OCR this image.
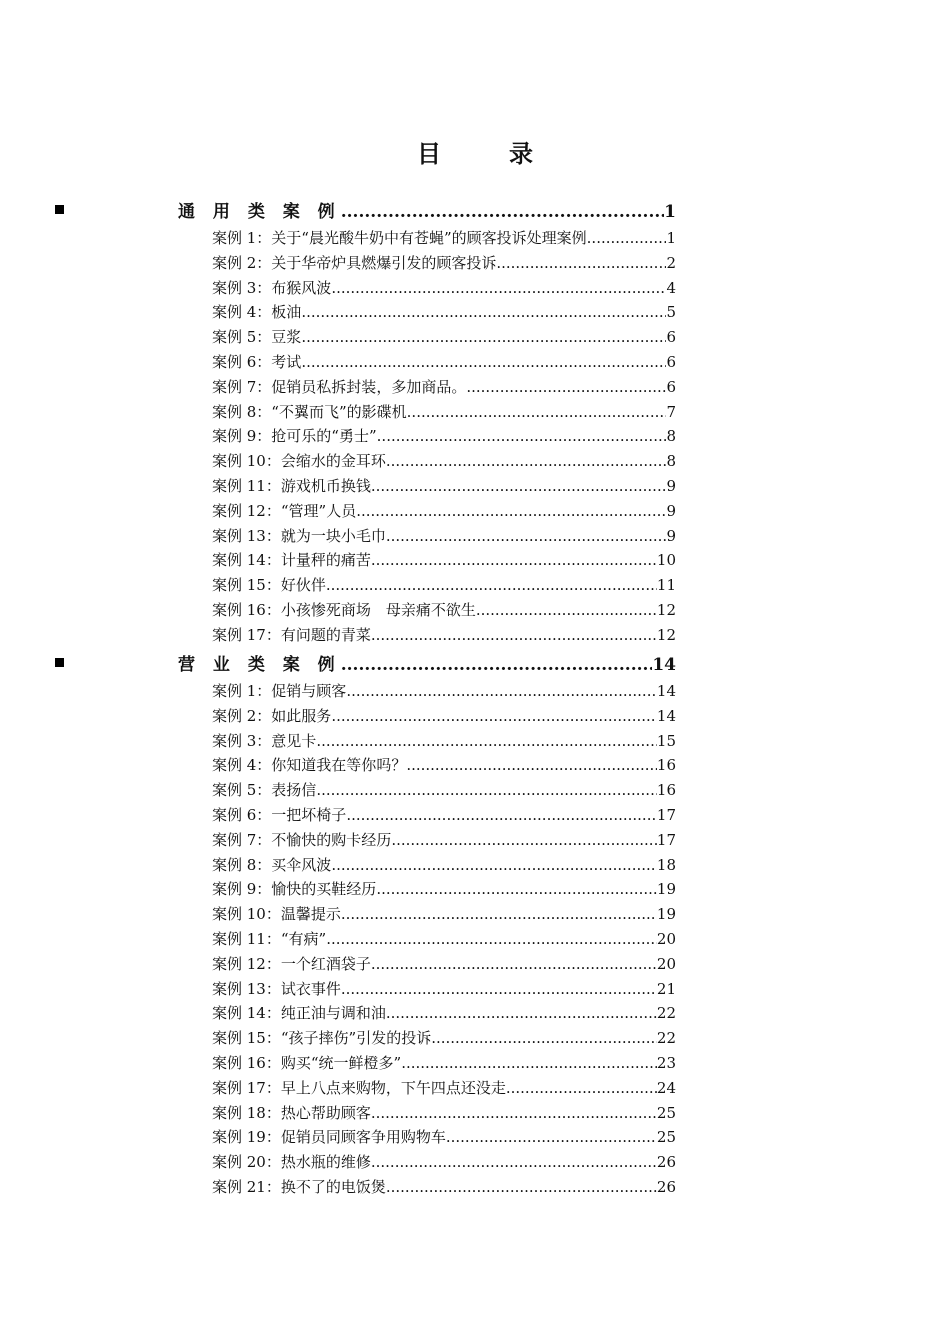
目　录
通 用 类 案 例 .....	1
案例 1：关于“晨光酸牛奶中有苍蝇”的顾客投诉处理案例 .....	1
案例 2：关于华帝炉具燃爆引发的顾客投诉 .....	2
案例 3：布猴风波 .....	4
案例 4：板油 .....	5
案例 5：豆浆 .....	6
案例 6：考试 .....	6
案例 7：促销员私拆封装，多加商品。 .....	6
案例 8：“不翼而飞”的影碟机 .....	7
案例 9：抢可乐的“勇士” .....	8
案例 10：会缩水的金耳环 .....	8
案例 11：游戏机币换钱 .....	9
案例 12：“管理”人员 .....	9
案例 13：就为一块小毛巾 .....	9
案例 14：计量秤的痛苦 .....	10
案例 15：好伙伴 .....	11
案例 16：小孩惨死商场　母亲痛不欲生 .....	12
案例 17：有问题的青菜 .....	12
营 业 类 案 例 .....	14
案例 1：促销与顾客 .....	14
案例 2：如此服务 .....	14
案例 3：意见卡 .....	15
案例 4：你知道我在等你吗？ .....	16
案例 5：表扬信 .....	16
案例 6：一把坏椅子 .....	17
案例 7：不愉快的购卡经历 .....	17
案例 8：买伞风波 .....	18
案例 9：愉快的买鞋经历 .....	19
案例 10：温馨提示 .....	19
案例 11：“有病” .....	20
案例 12：一个红酒袋子 .....	20
案例 13：试衣事件 .....	21
案例 14：纯正油与调和油 .....	22
案例 15：“孩子摔伤”引发的投诉 .....	22
案例 16：购买“统一鲜橙多” .....	23
案例 17：早上八点来购物，下午四点还没走 .....	24
案例 18：热心帮助顾客 .....	25
案例 19：促销员同顾客争用购物车 .....	25
案例 20：热水瓶的维修 .....	26
案例 21：换不了的电饭煲 .....	26
